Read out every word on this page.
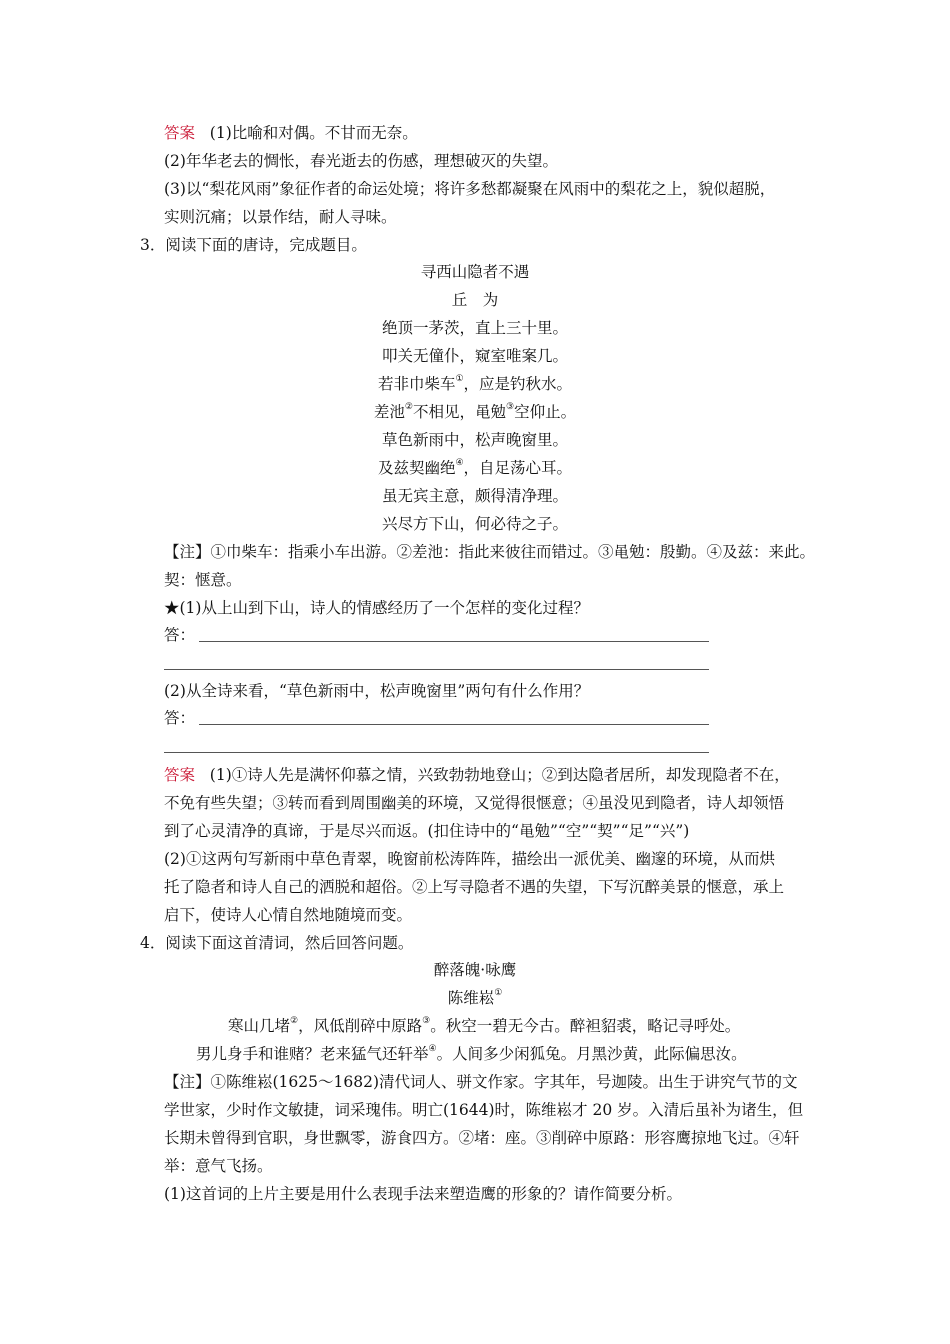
答案 (1)比喻和对偶。不甘而无奈。
(2)年华老去的惆怅，春光逝去的伤感，理想破灭的失望。
(3)以“梨花风雨”象征作者的命运处境；将许多愁都凝聚在风雨中的梨花之上，貌似超脱，
实则沉痛；以景作结，耐人寻味。
3．阅读下面的唐诗，完成题目。
寻西山隐者不遇
丘　为
绝顶一茅茨，直上三十里。
叩关无僮仆，窥室唯案几。
若非巾柴车①，应是钓秋水。
差池②不相见，黾勉③空仰止。
草色新雨中，松声晚窗里。
及兹契幽绝④，自足荡心耳。
虽无宾主意，颇得清净理。
兴尽方下山，何必待之子。
【注】①巾柴车：指乘小车出游。②差池：指此来彼往而错过。③黾勉：殷勤。④及兹：来此。
契：惬意。
★(1)从上山到下山，诗人的情感经历了一个怎样的变化过程？
答：
(2)从全诗来看，“草色新雨中，松声晚窗里”两句有什么作用？
答：
答案 (1)①诗人先是满怀仰慕之情，兴致勃勃地登山；②到达隐者居所，却发现隐者不在，
不免有些失望；③转而看到周围幽美的环境，又觉得很惬意；④虽没见到隐者，诗人却领悟
到了心灵清净的真谛，于是尽兴而返。(扣住诗中的“黾勉”“空”“契”“足”“兴”)
(2)①这两句写新雨中草色青翠，晚窗前松涛阵阵，描绘出一派优美、幽邃的环境，从而烘
托了隐者和诗人自己的洒脱和超俗。②上写寻隐者不遇的失望，下写沉醉美景的惬意，承上
启下，使诗人心情自然地随境而变。
4．阅读下面这首清词，然后回答问题。
醉落魄·咏鹰
陈维崧①
寒山几堵②，风低削碎中原路③。秋空一碧无今古。醉袒貂裘，略记寻呼处。
男儿身手和谁赌？老来猛气还轩举④。人间多少闲狐兔。月黑沙黄，此际偏思汝。
【注】①陈维崧(1625～1682)清代词人、骈文作家。字其年，号迦陵。出生于讲究气节的文
学世家，少时作文敏捷，词采瑰伟。明亡(1644)时，陈维崧才 20 岁。入清后虽补为诸生，但
长期未曾得到官职，身世飘零，游食四方。②堵：座。③削碎中原路：形容鹰掠地飞过。④轩
举：意气飞扬。
(1)这首词的上片主要是用什么表现手法来塑造鹰的形象的？请作简要分析。
